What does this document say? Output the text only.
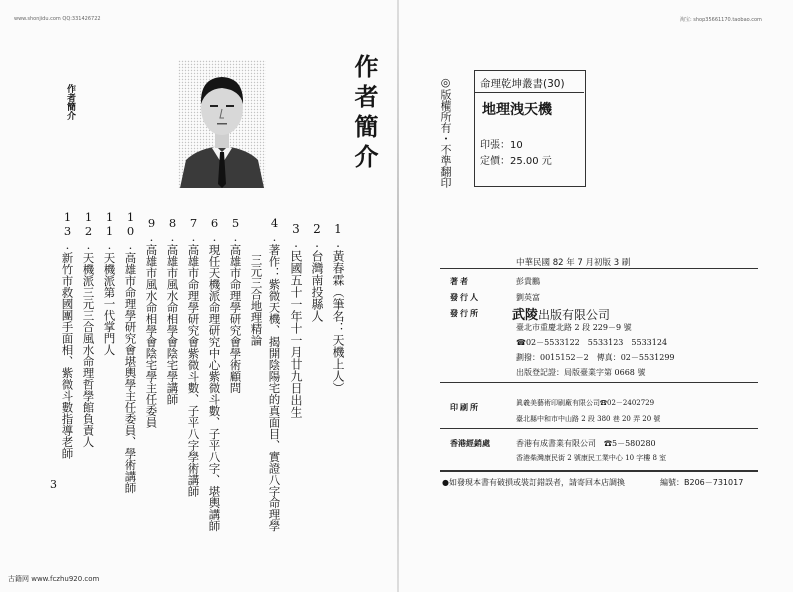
www.shonjidu.com QQ:331426722	淘宝: shop35661170.taobao.com
作者簡介	作者簡介
1.黃春霖（筆名：天機上人）
2.台灣南投縣人
3.民國五十一年十一月廿九日出生
4.著作：紫微天機、揭開陰陽宅的真面目、實證八字命理學
三元三合地理精論
5.高雄市命理學研究會學術顧問
6.現任天機派命理研究中心紫微斗數、子平八字、堪輿講師
7.高雄市命理學研究會紫微斗數、子平八字學術講師
8.高雄市風水命相學會陰宅學講師
9.高雄市風水命相學會陰宅學主任委員
10.高雄市命理學研究會堪輿學主任委員、學術講師
11.天機派第一代掌門人
12.天機派三元三合風水命理哲學館負責人
13.新竹市救國團手面相、紫微斗數指導老師
3
古籍网 www.fczhu920.com
◎版權所有・不準翻印	命理乾坤叢書(30)
地理洩天機
印張：10
定價：25.00 元
中華民國 82 年 7 月初版 3 刷
著者	彭貴鵬
發行人	劉英富
發行所 武陵出版有限公司
臺北市重慶北路 2 段 229－9 號
☎02－5533122　5533123　5533124
劃撥：0015152－2　傳真：02－5531299
出版登記證：局版臺業字第 0668 號
印刷所	眞羲美藝術印刷廠有限公司☎02－2402729
臺北縣中和市中山路 2 段 380 巷 20 弄 20 號
香港經銷處	香港有成書業有限公司　☎5－580280
香港柴灣康民街 2 號康民工業中心 10 字樓 8 室
●如發現本書有破損或裝訂錯誤者，請寄回本店調換	編號：B206－731017
